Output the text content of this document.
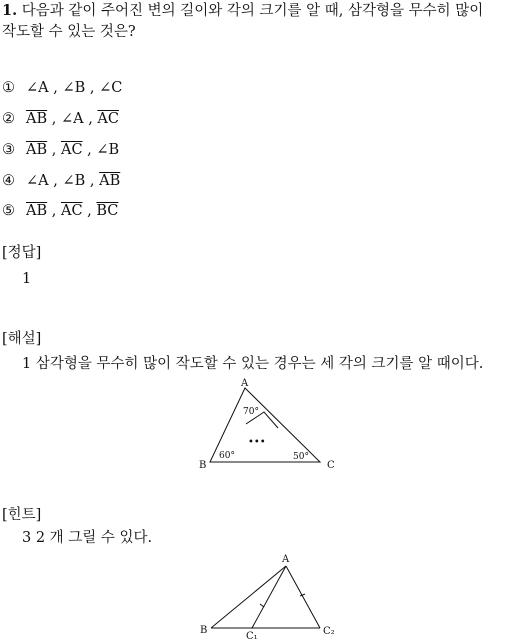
1. 다음과 같이 주어진 변의 길이와 각의 크기를 알 때, 삼각형을 무수히 많이
작도할 수 있는 것은?
① ∠A , ∠B , ∠C
② $\overline{AB}$ , ∠A , $\overline{AC}$
③ $\overline{AB}$ , $\overline{AC}$ , ∠B
④ ∠A , ∠B , $\overline{AB}$
⑤ $\overline{AB}$ , $\overline{AC}$ , $\overline{BC}$
[정답]
1
[해설]
1 삼각형을 무수히 많이 작도할 수 있는 경우는 세 각의 크기를 알 때이다.
A
B	C
70°
60°	50°
•••
[힌트]
3 2 개 그릴 수 있다.
A
B
C₁	C₂
